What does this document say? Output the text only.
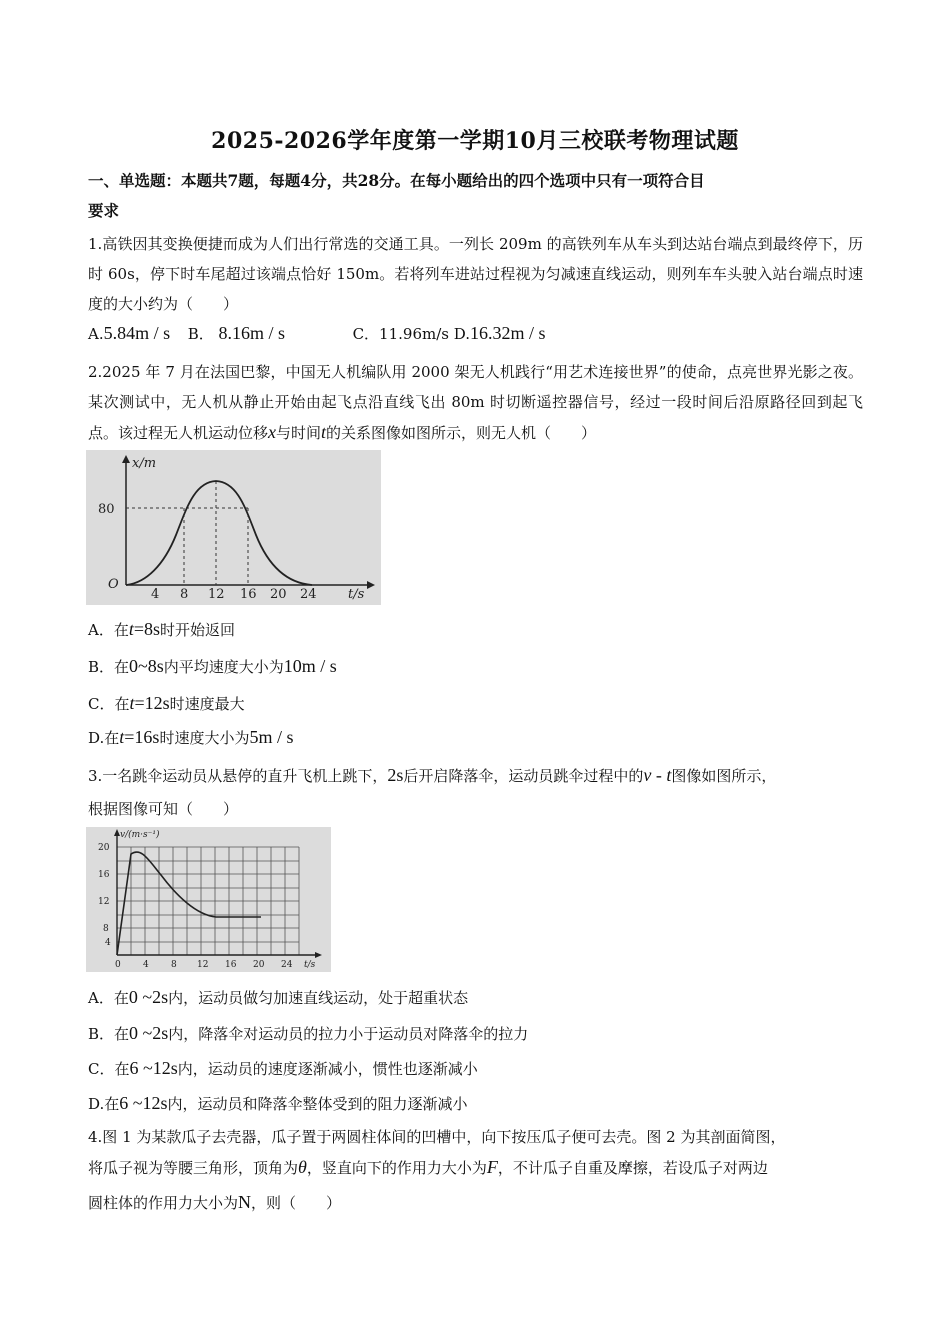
2025-2026学年度第一学期10月三校联考物理试题
一、单选题：本题共7题，每题4分，共28分。在每小题给出的四个选项中只有一项符合目
要求
1.高铁因其变换便捷而成为人们出行常选的交通工具。一列长 209m 的高铁列车从车头到达站台端点到最终停下，历时 60s，停下时车尾超过该端点恰好 150m。若将列车进站过程视为匀减速直线运动，则列车车头驶入站台端点时速度的大小约为（　　）
A.5.84m / s B． 8.16m / s	C．11.96m/s D.16.32m / s
2.2025 年 7 月在法国巴黎，中国无人机编队用 2000 架无人机践行“用艺术连接世界”的使命，点亮世界光影之夜。某次测试中，无人机从静止开始由起飞点沿直线飞出 80m 时切断遥控器信号，经过一段时间后沿原路径回到起飞点。该过程无人机运动位移x与时间t的关系图像如图所示，则无人机（　　）
x/m
t/s
O
80
4 8 12 16 20 24
A．在t=8s时开始返回
B．在0~8s内平均速度大小为10m / s
C．在t=12s时速度最大
D.在t=16s时速度大小为5m / s
3.一名跳伞运动员从悬停的直升飞机上跳下，2s后开启降落伞，运动员跳伞过程中的v - t图像如图所示，
根据图像可知（　　）
v/(m·s⁻¹)
t/s
20
16
12
8
4
0 4 8 12 16 20 24
A．在0 ~2s内，运动员做匀加速直线运动，处于超重状态
B．在0 ~2s内，降落伞对运动员的拉力小于运动员对降落伞的拉力
C．在6 ~12s内，运动员的速度逐渐减小，惯性也逐渐减小
D.在6 ~12s内，运动员和降落伞整体受到的阻力逐渐减小
4.图 1 为某款瓜子去壳器，瓜子置于两圆柱体间的凹槽中，向下按压瓜子便可去壳。图 2 为其剖面简图，
将瓜子视为等腰三角形，顶角为θ，竖直向下的作用力大小为F，不计瓜子自重及摩擦，若设瓜子对两边
圆柱体的作用力大小为N，则（　　）
